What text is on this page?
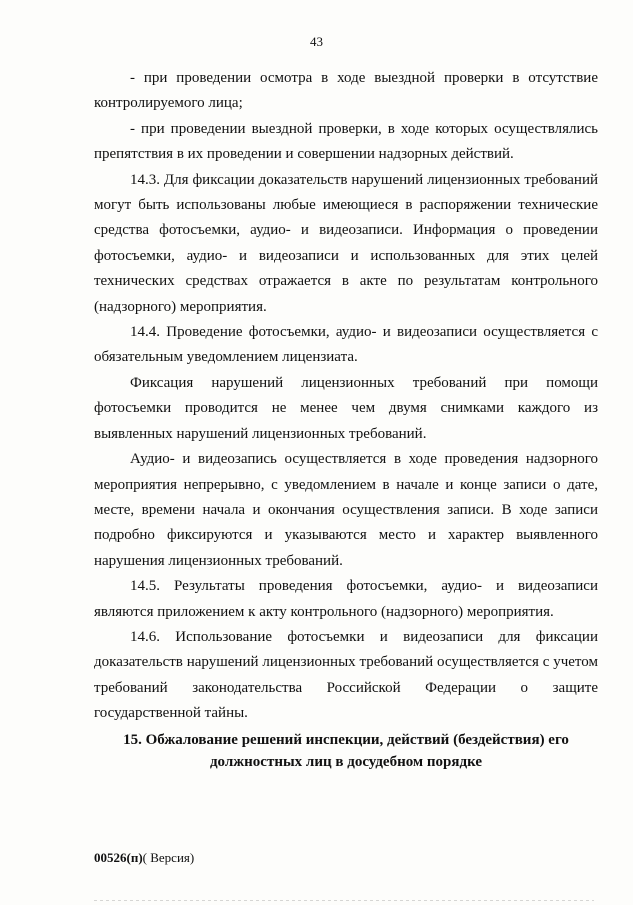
43

- при проведении осмотра в ходе выездной проверки в отсутствие контролируемого лица;

- при проведении выездной проверки, в ходе которых осуществлялись препятствия в их проведении и совершении надзорных действий.

14.3. Для фиксации доказательств нарушений лицензионных требований могут быть использованы любые имеющиеся в распоряжении технические средства фотосъемки, аудио- и видеозаписи. Информация о проведении фотосъемки, аудио- и видеозаписи и использованных для этих целей технических средствах отражается в акте по результатам контрольного (надзорного) мероприятия.

14.4. Проведение фотосъемки, аудио- и видеозаписи осуществляется с обязательным уведомлением лицензиата.

Фиксация нарушений лицензионных требований при помощи фотосъемки проводится не менее чем двумя снимками каждого из выявленных нарушений лицензионных требований.

Аудио- и видеозапись осуществляется в ходе проведения надзорного мероприятия непрерывно, с уведомлением в начале и конце записи о дате, месте, времени начала и окончания осуществления записи. В ходе записи подробно фиксируются и указываются место и характер выявленного нарушения лицензионных требований.

14.5. Результаты проведения фотосъемки, аудио- и видеозаписи являются приложением к акту контрольного (надзорного) мероприятия.

14.6. Использование фотосъемки и видеозаписи для фиксации доказательств нарушений лицензионных требований осуществляется с учетом требований законодательства Российской Федерации о защите государственной тайны.

15. Обжалование решений инспекции, действий (бездействия) его должностных лиц в досудебном порядке

00526(п)( Версия)
